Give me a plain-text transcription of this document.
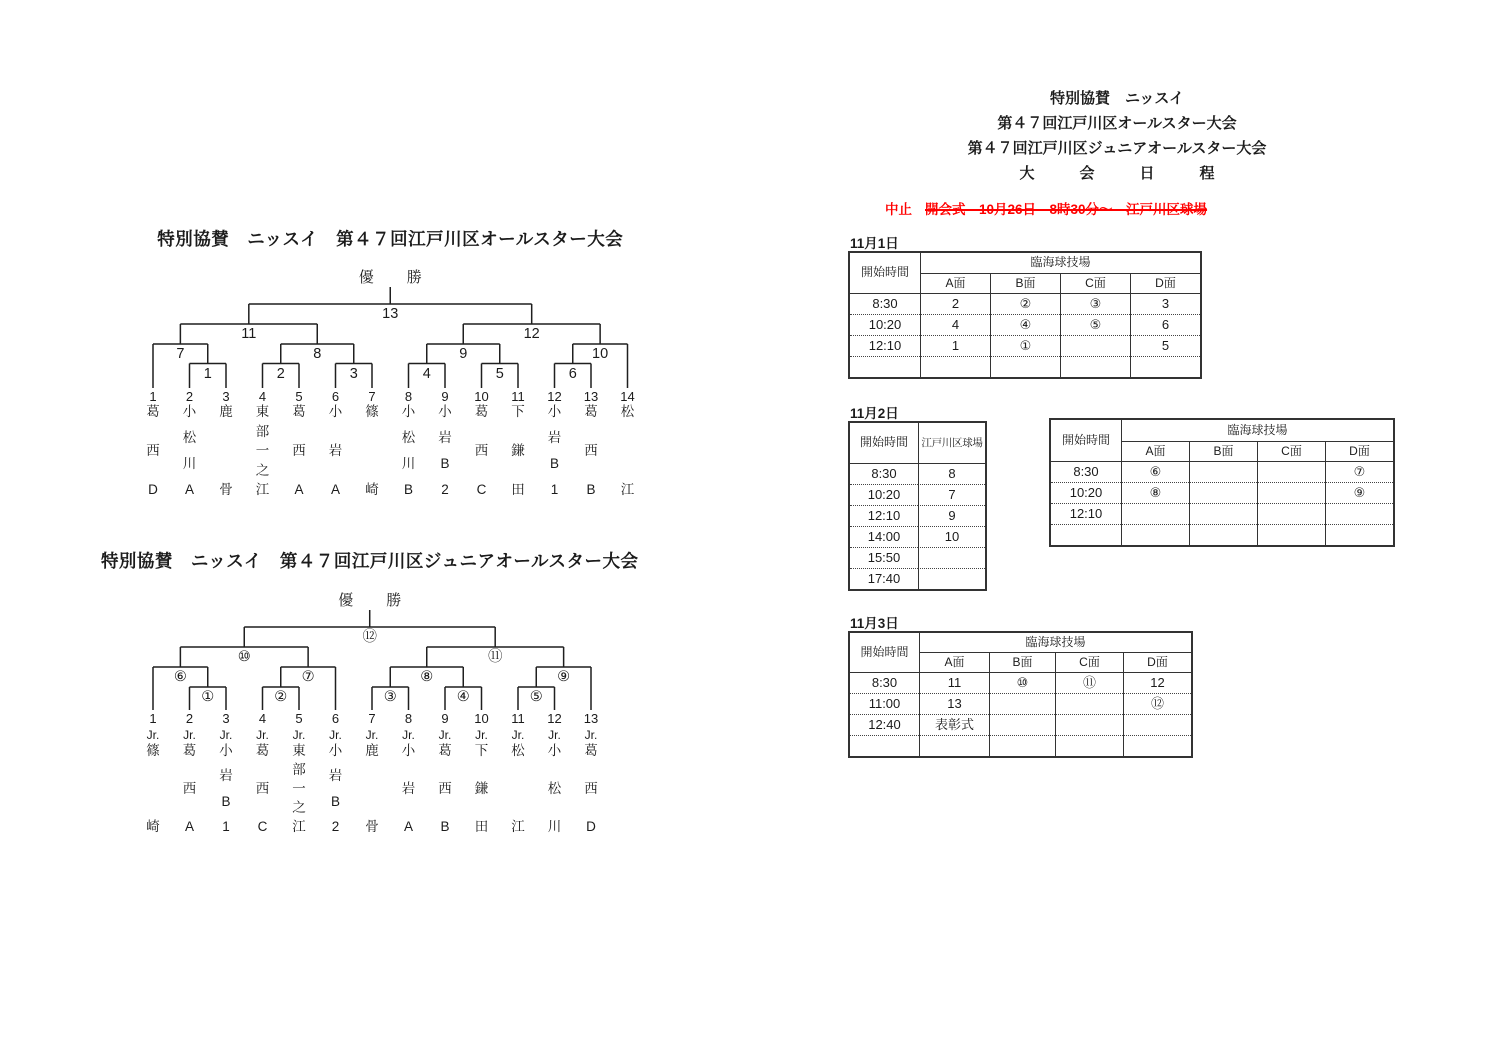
1	2	3	4	5	6
7	8	9	10
11	12
13
優　勝
特別協賛　ニッスイ　第４７回江戸川区オールスター大会
1
葛
西
D
2
小
松
川
A
3
鹿
骨
4
東
部
一
之
江
5
葛
西
A
6
小
岩
A
7
篠
崎
8
小
松
川
B
9
小
岩
B
2
10
葛
西
C
11
下
鎌
田
12
小
岩
B
1
13
葛
西
B
14
松
江
①	②	③	④	⑤
⑥	⑦	⑧	⑨
⑩	⑪
⑫
優　勝
特別協賛　ニッスイ　第４７回江戸川区ジュニアオールスター大会
1
Jr.
篠
崎
2
Jr.
葛
西
A
3
Jr.
小
岩
B
1
4
Jr.
葛
西
C
5
Jr.
東
部
一
之
江
6
Jr.
小
岩
B
2
7
Jr.
鹿
骨
8
Jr.
小
岩
A
9
Jr.
葛
西
B
10
Jr.
下
鎌
田
11
Jr.
松
江
12
Jr.
小
松
川
13
Jr.
葛
西
D
特別協賛　ニッスイ
第４７回江戸川区オールスター大会
第４７回江戸川区ジュニアオールスター大会
大　　　会　　　日　　　程
中止 開会式　10月26日　8時30分～　江戸川区球場
11月1日
開始時間	臨海球技場			
	A面	B面	C面	D面
8:30	2	②	③	3
10:20	4	④	⑤	6
12:10	1	①		5

11月2日
開始時間	江戸川区球場
8:30	8
10:20	7
12:10	9
14:00	10
15:50	
17:40	
開始時間	臨海球技場			
	A面	B面	C面	D面
8:30	⑥			⑦
10:20	⑧			⑨
12:10				

11月3日
開始時間	臨海球技場			
	A面	B面	C面	D面
8:30	11	⑩	⑪	12
11:00	13			⑫
12:40	表彰式			
